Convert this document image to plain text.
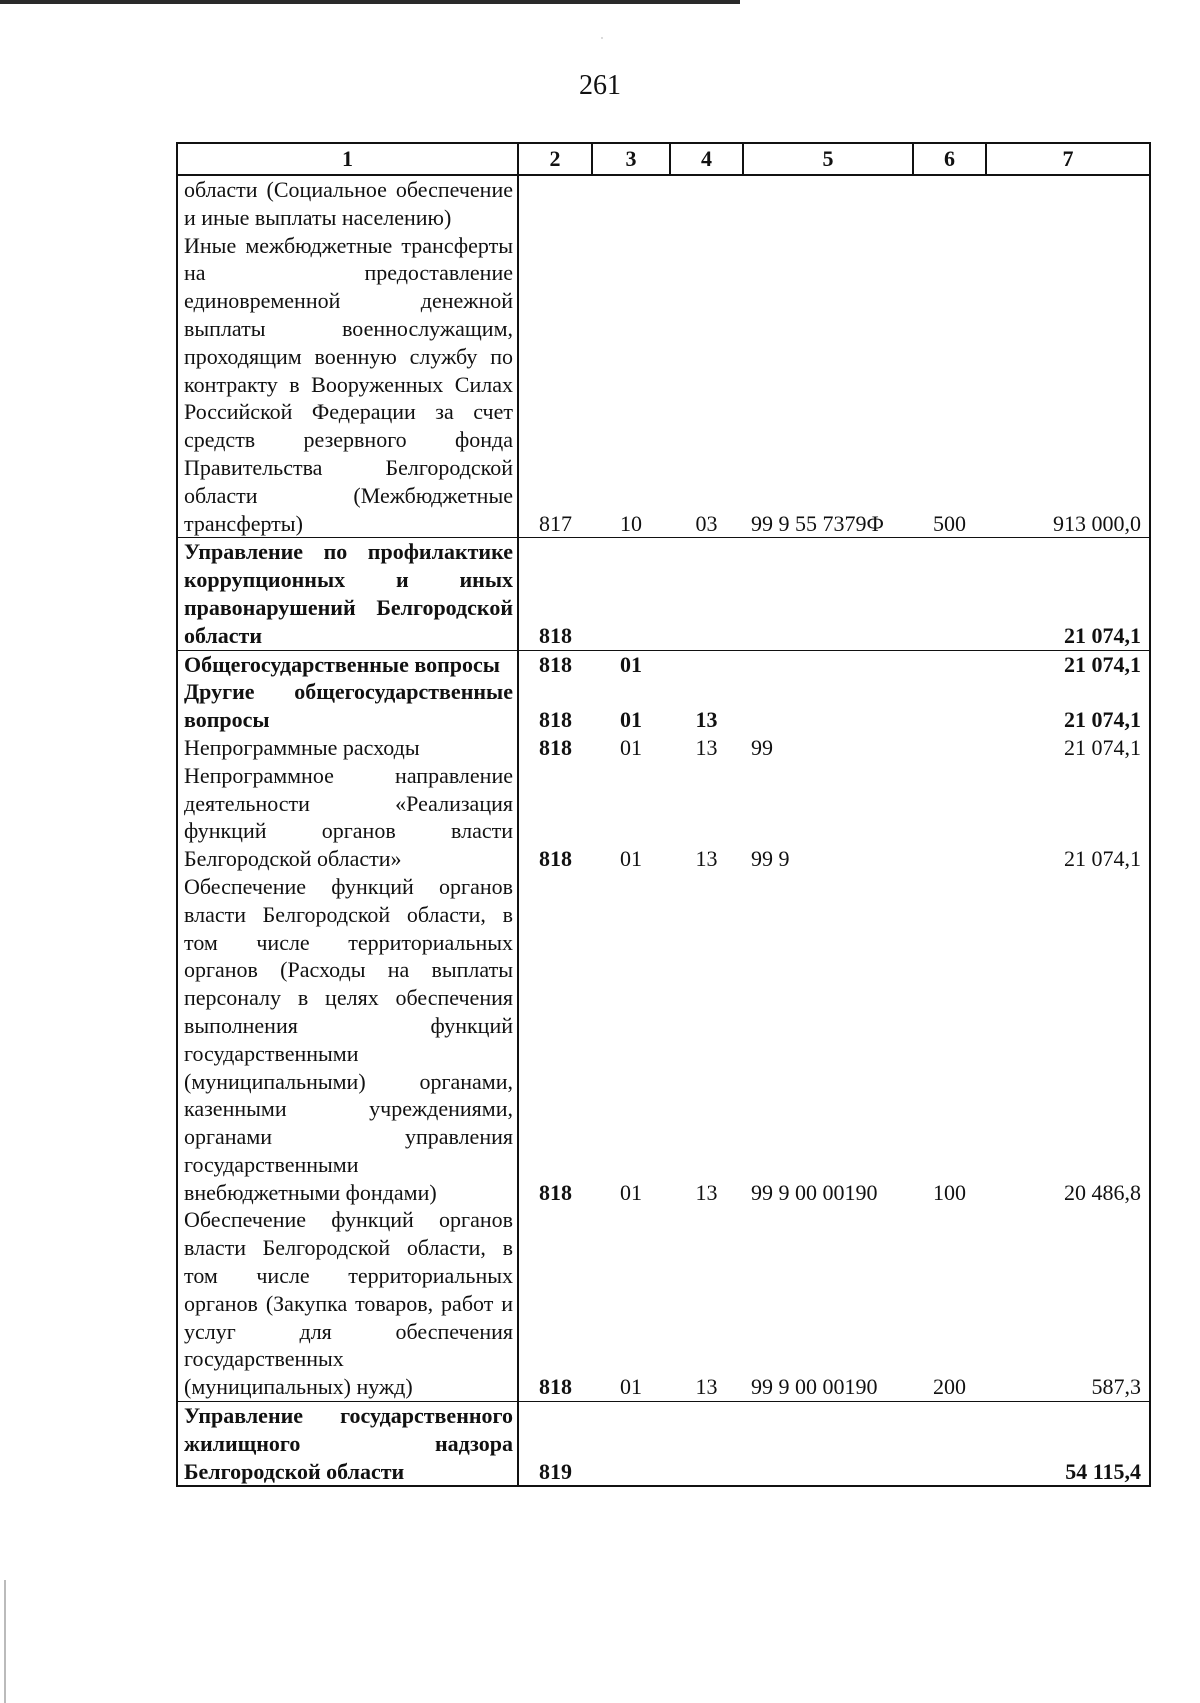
261
1	2	3	4	5	6	7
области (Социальное обеспечение и иные выплаты населению)						
Иные межбюджетные трансферты на предоставление единовременной денежной выплаты военнослужащим, проходящим военную службу по контракту в Вооруженных Силах Российской Федерации за счет средств резервного фонда Правительства Белгородской области (Межбюджетные трансферты)	817	10	03	99 9 55 7379Ф	500	913 000,0
Управление по профилактике коррупционных и иных правонарушений Белгородской области	818					21 074,1
Общегосударственные вопросы	818	01				21 074,1
Другие общегосударственные вопросы	818	01	13			21 074,1
Непрограммные расходы	818	01	13	99		21 074,1
Непрограммное направление деятельности «Реализация функций органов власти Белгородской области»	818	01	13	99 9		21 074,1
Обеспечение функций органов власти Белгородской области, в том числе территориальных органов (Расходы на выплаты персоналу в целях обеспечения выполнения функций государственными (муниципальными) органами, казенными учреждениями, органами управления государственными внебюджетными фондами)	818	01	13	99 9 00 00190	100	20 486,8
Обеспечение функций органов власти Белгородской области, в том числе территориальных органов (Закупка товаров, работ и услуг для обеспечения государственных (муниципальных) нужд)	818	01	13	99 9 00 00190	200	587,3
Управление государственного жилищного надзора Белгородской области	819					54 115,4
